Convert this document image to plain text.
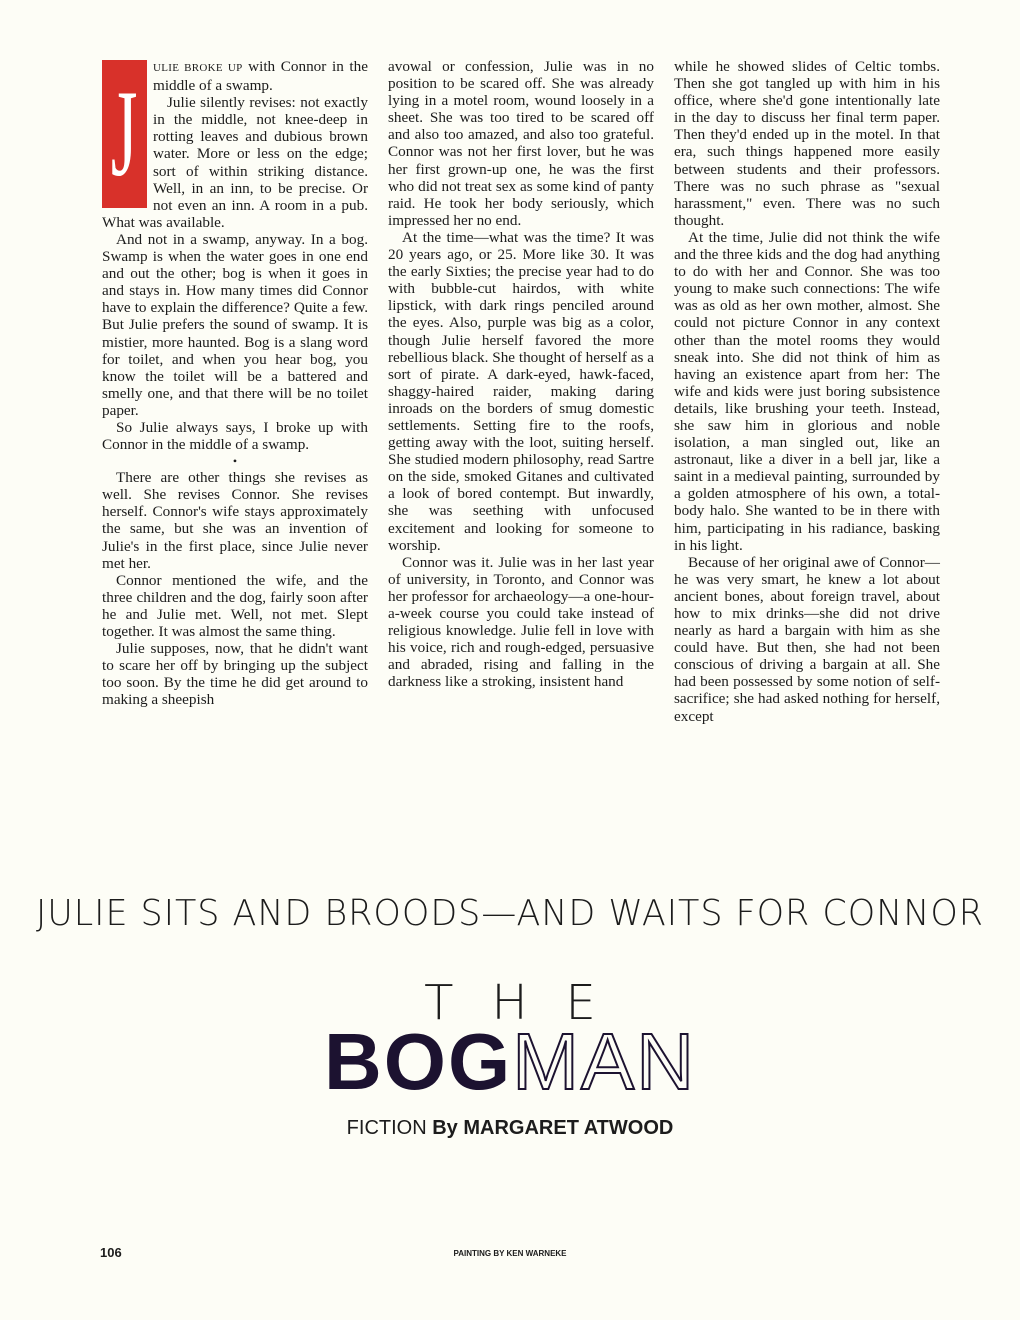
J ULIE BROKE UP with Connor in the middle of a swamp.

Julie silently revises: not exactly in the middle, not knee-deep in rotting leaves and dubious brown water. More or less on the edge; sort of within striking distance. Well, in an inn, to be precise. Or not even an inn. A room in a pub. What was available.

And not in a swamp, anyway. In a bog. Swamp is when the water goes in one end and out the other; bog is when it goes in and stays in. How many times did Connor have to explain the difference? Quite a few. But Julie prefers the sound of swamp. It is mistier, more haunted. Bog is a slang word for toilet, and when you hear bog, you know the toilet will be a battered and smelly one, and that there will be no toilet paper.

So Julie always says, I broke up with Connor in the middle of a swamp.

•

There are other things she revises as well. She revises Connor. She revises herself. Connor's wife stays approximately the same, but she was an invention of Julie's in the first place, since Julie never met her.

Connor mentioned the wife, and the three children and the dog, fairly soon after he and Julie met. Well, not met. Slept together. It was almost the same thing.

Julie supposes, now, that he didn't want to scare her off by bringing up the subject too soon. By the time he did get around to making a sheepish

avowal or confession, Julie was in no position to be scared off. She was already lying in a motel room, wound loosely in a sheet. She was too tired to be scared off and also too amazed, and also too grateful. Connor was not her first lover, but he was her first grown-up one, he was the first who did not treat sex as some kind of panty raid. He took her body seriously, which impressed her no end.

At the time—what was the time? It was 20 years ago, or 25. More like 30. It was the early Sixties; the precise year had to do with bubble-cut hairdos, with white lipstick, with dark rings penciled around the eyes. Also, purple was big as a color, though Julie herself favored the more rebellious black. She thought of herself as a sort of pirate. A dark-eyed, hawk-faced, shaggy-haired raider, making daring inroads on the borders of smug domestic settlements. Setting fire to the roofs, getting away with the loot, suiting herself. She studied modern philosophy, read Sartre on the side, smoked Gitanes and cultivated a look of bored contempt. But inwardly, she was seething with unfocused excitement and looking for someone to worship.

Connor was it. Julie was in her last year of university, in Toronto, and Connor was her professor for archaeology—a one-hour-a-week course you could take instead of religious knowledge. Julie fell in love with his voice, rich and rough-edged, persuasive and abraded, rising and falling in the darkness like a stroking, insistent hand

while he showed slides of Celtic tombs. Then she got tangled up with him in his office, where she'd gone intentionally late in the day to discuss her final term paper. Then they'd ended up in the motel. In that era, such things happened more easily between students and their professors. There was no such phrase as "sexual harassment," even. There was no such thought.

At the time, Julie did not think the wife and the three kids and the dog had anything to do with her and Connor. She was too young to make such connections: The wife was as old as her own mother, almost. She could not picture Connor in any context other than the motel rooms they would sneak into. She did not think of him as having an existence apart from her: The wife and kids were just boring subsistence details, like brushing your teeth. Instead, she saw him in glorious and noble isolation, a man singled out, like an astronaut, like a diver in a bell jar, like a saint in a medieval painting, surrounded by a golden atmosphere of his own, a total-body halo. She wanted to be in there with him, participating in his radiance, basking in his light.

Because of her original awe of Connor—he was very smart, he knew a lot about ancient bones, about foreign travel, about how to mix drinks—she did not drive nearly as hard a bargain with him as she could have. But then, she had not been conscious of driving a bargain at all. She had been possessed by some notion of self-sacrifice; she had asked nothing for herself, except

JULIE SITS AND BROODS—AND WAITS FOR CONNOR
THE
BOGMAN
FICTION By MARGARET ATWOOD
106	PAINTING BY KEN WARNEKE
